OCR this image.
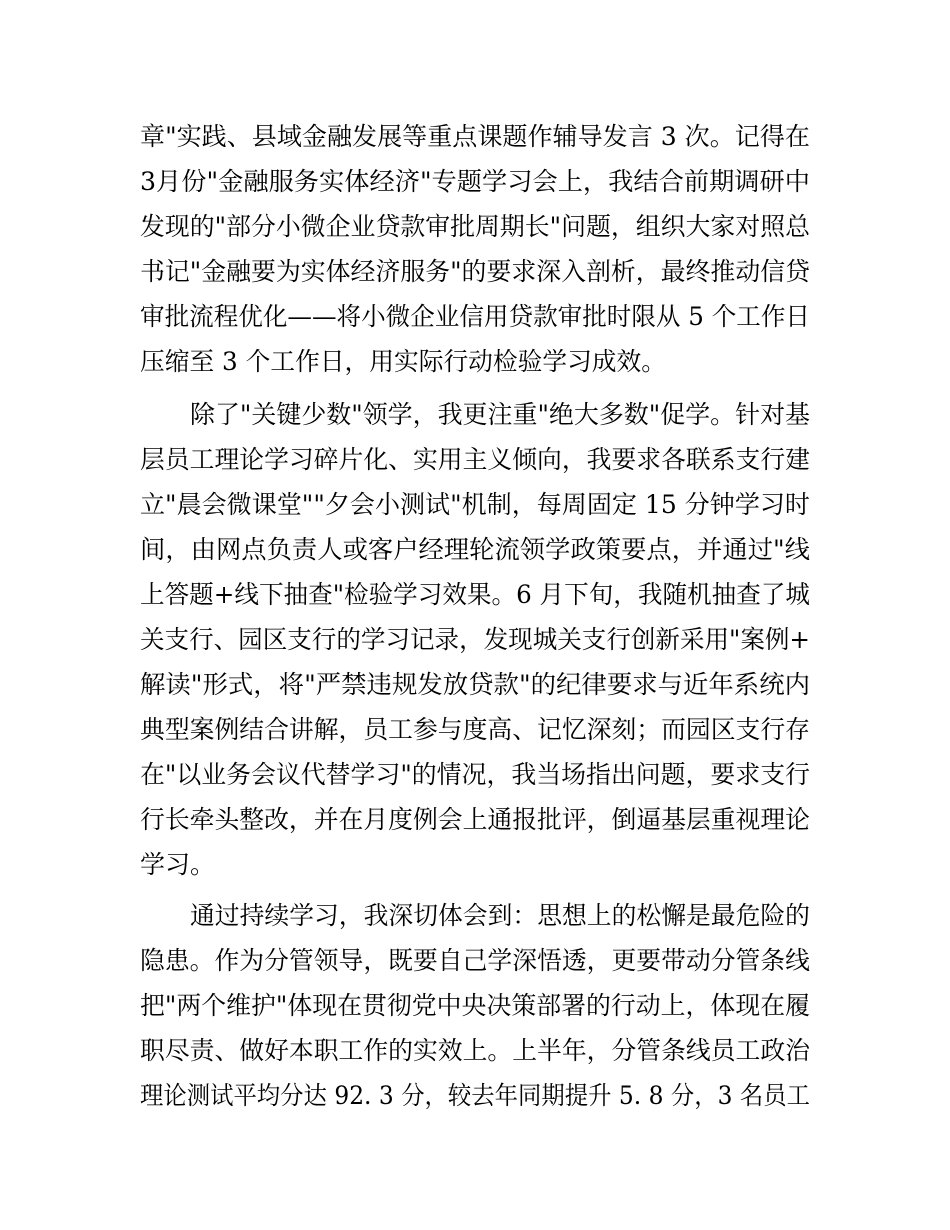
章"实践、县域金融发展等重点课题作辅导发言 3 次。记得在
3月份"金融服务实体经济"专题学习会上，我结合前期调研中
发现的"部分小微企业贷款审批周期长"问题，组织大家对照总
书记"金融要为实体经济服务"的要求深入剖析，最终推动信贷
审批流程优化——将小微企业信用贷款审批时限从 5 个工作日
压缩至 3 个工作日，用实际行动检验学习成效。
除了"关键少数"领学，我更注重"绝大多数"促学。针对基
层员工理论学习碎片化、实用主义倾向，我要求各联系支行建
立"晨会微课堂""夕会小测试"机制，每周固定 15 分钟学习时
间，由网点负责人或客户经理轮流领学政策要点，并通过"线
上答题+线下抽查"检验学习效果。6 月下旬，我随机抽查了城
关支行、园区支行的学习记录，发现城关支行创新采用"案例+
解读"形式，将"严禁违规发放贷款"的纪律要求与近年系统内
典型案例结合讲解，员工参与度高、记忆深刻；而园区支行存
在"以业务会议代替学习"的情况，我当场指出问题，要求支行
行长牵头整改，并在月度例会上通报批评，倒逼基层重视理论
学习。
通过持续学习，我深切体会到：思想上的松懈是最危险的
隐患。作为分管领导，既要自己学深悟透，更要带动分管条线
把"两个维护"体现在贯彻党中央决策部署的行动上，体现在履
职尽责、做好本职工作的实效上。上半年，分管条线员工政治
理论测试平均分达 92. 3 分，较去年同期提升 5. 8 分，3 名员工
